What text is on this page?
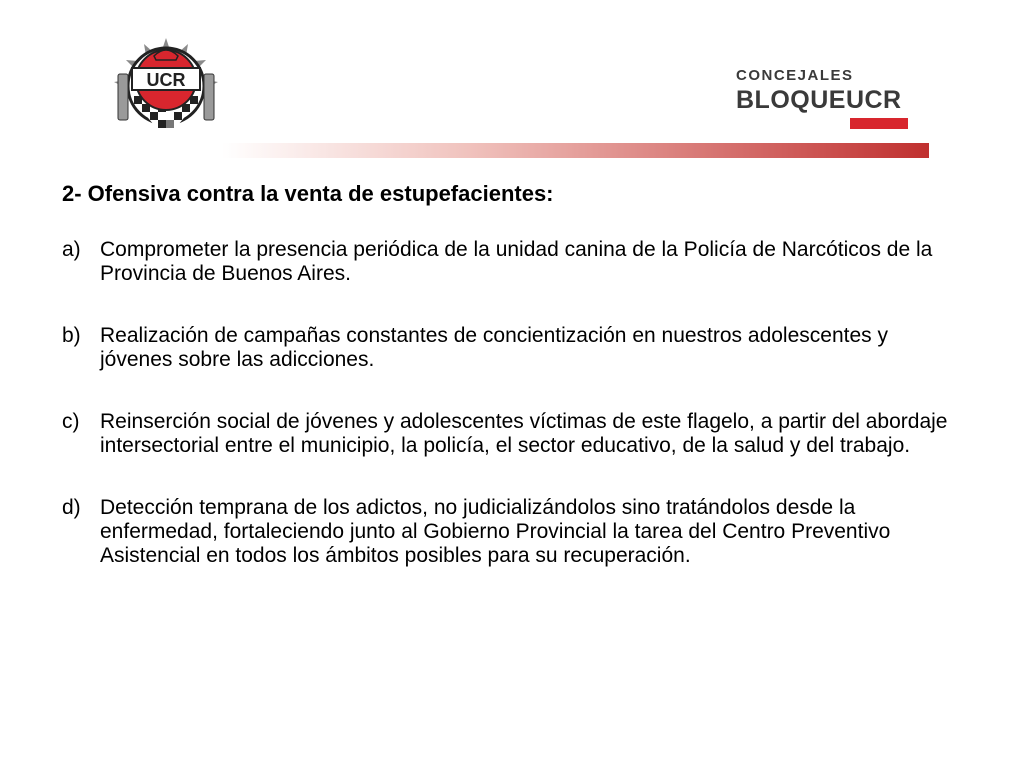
UCR	CONCEJALES
BLOQUEUCR
2- Ofensiva contra la venta de estupefacientes:
a) Comprometer la presencia periódica de la unidad canina de la Policía de Narcóticos de la Provincia de Buenos Aires.
b) Realización de campañas constantes de concientización en nuestros adolescentes y jóvenes sobre las adicciones.
c) Reinserción social de jóvenes y adolescentes víctimas de este flagelo, a partir del abordaje intersectorial entre el municipio, la policía, el sector educativo, de la salud y del trabajo.
d) Detección temprana de los adictos, no judicializándolos sino tratándolos desde la enfermedad, fortaleciendo junto al Gobierno Provincial la tarea del Centro Preventivo Asistencial en todos los ámbitos posibles para su recuperación.
